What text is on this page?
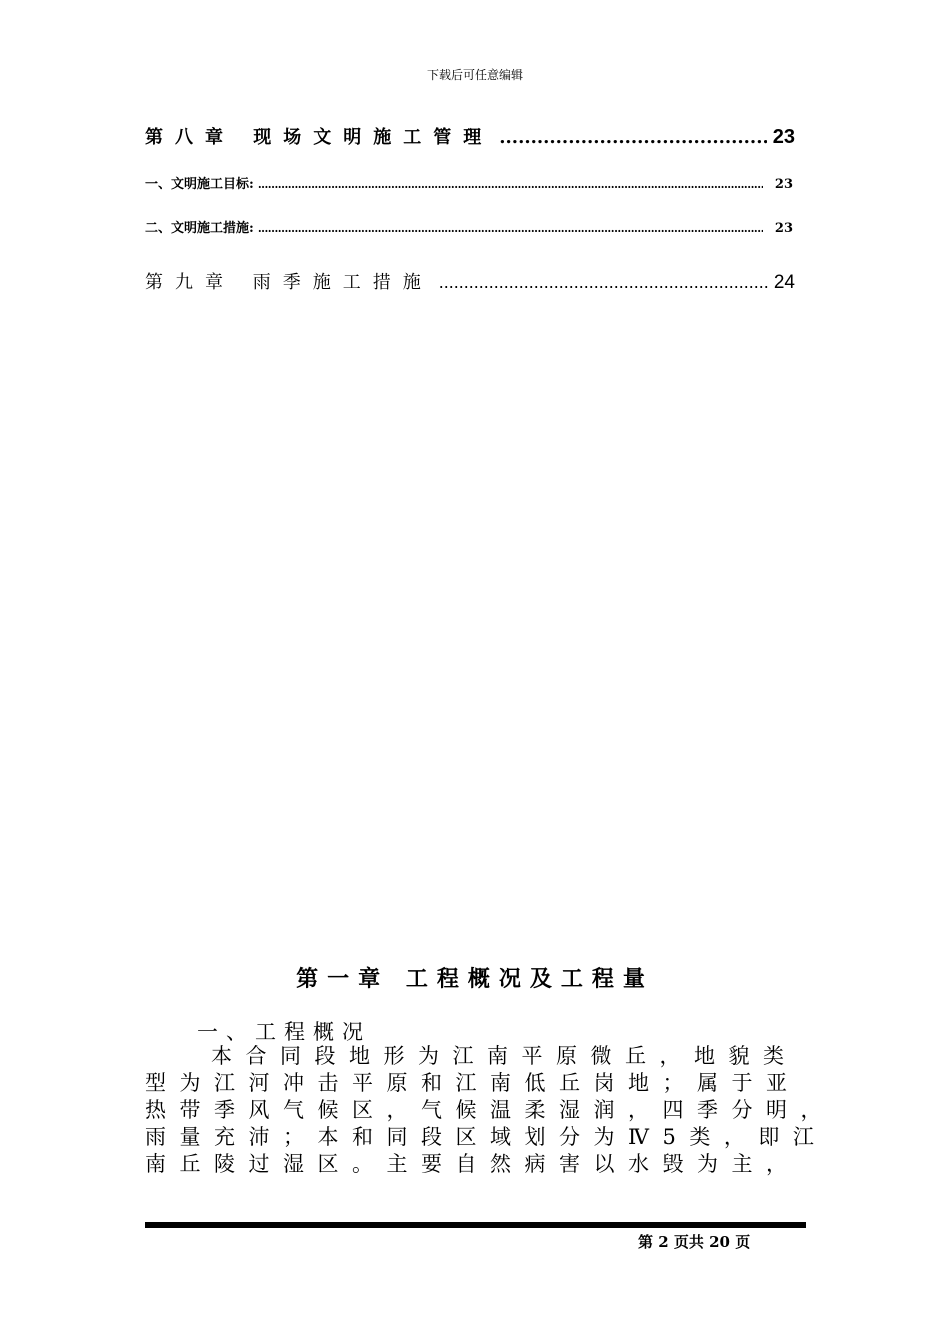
下载后可任意编辑
第八章 现场文明施工管理 .....	23
一、文明施工目标: .....	23
二、文明施工措施: .....	23
第九章 雨季施工措施 .....	24
第一章 工程概况及工程量
一、工程概况
本合同段地形为江南平原微丘，地貌类
型为江河冲击平原和江南低丘岗地；属于亚
热带季风气候区，气候温柔湿润，四季分明，
雨量充沛；本和同段区域划分为Ⅳ5类，即江
南丘陵过湿区。主要自然病害以水毁为主，
第 2 页共 20 页
